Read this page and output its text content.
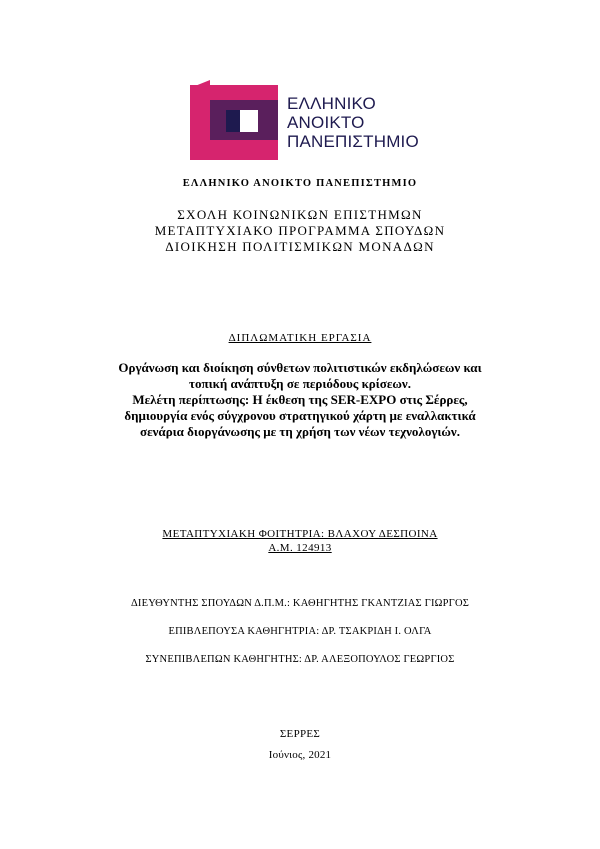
ΕΛΛΗΝΙΚΟ
ΑΝΟΙΚΤΟ
ΠΑΝΕΠΙΣΤΗΜΙΟ
ΕΛΛΗΝΙΚΟ ΑΝΟΙΚΤΟ ΠΑΝΕΠΙΣΤΗΜΙΟ
ΣΧΟΛΗ ΚΟΙΝΩΝΙΚΩΝ ΕΠΙΣΤΗΜΩΝ
ΜΕΤΑΠΤΥΧΙΑΚΟ ΠΡΟΓΡΑΜΜΑ ΣΠΟΥΔΩΝ
ΔΙΟΙΚΗΣΗ ΠΟΛΙΤΙΣΜΙΚΩΝ ΜΟΝΑΔΩΝ
ΔΙΠΛΩΜΑΤΙΚΗ ΕΡΓΑΣΙΑ
Οργάνωση και διοίκηση σύνθετων πολιτιστικών εκδηλώσεων και
τοπική ανάπτυξη σε περιόδους κρίσεων.
Μελέτη περίπτωσης: Η έκθεση της SER-EXPO στις Σέρρες,
δημιουργία ενός σύγχρονου στρατηγικού χάρτη με εναλλακτικά
σενάρια διοργάνωσης με τη χρήση των νέων τεχνολογιών.
ΜΕΤΑΠΤΥΧΙΑΚΗ ΦΟΙΤΗΤΡΙΑ: ΒΛΑΧΟΥ ΔΕΣΠΟΙΝΑ
Α.Μ. 124913
ΔΙΕΥΘΥΝΤΗΣ ΣΠΟΥΔΩΝ Δ.Π.Μ.: ΚΑΘΗΓΗΤΗΣ ΓΚΑΝΤΖΙΑΣ ΓΙΩΡΓΟΣ
ΕΠΙΒΛΕΠΟΥΣΑ ΚΑΘΗΓΗΤΡΙΑ: ΔΡ. ΤΣΑΚΡΙΔΗ Ι. ΟΛΓΑ
ΣΥΝΕΠΙΒΛΕΠΩΝ ΚΑΘΗΓΗΤΗΣ: ΔΡ. ΑΛΕΞΟΠΟΥΛΟΣ ΓΕΩΡΓΙΟΣ
ΣΕΡΡΕΣ
Ιούνιος, 2021
